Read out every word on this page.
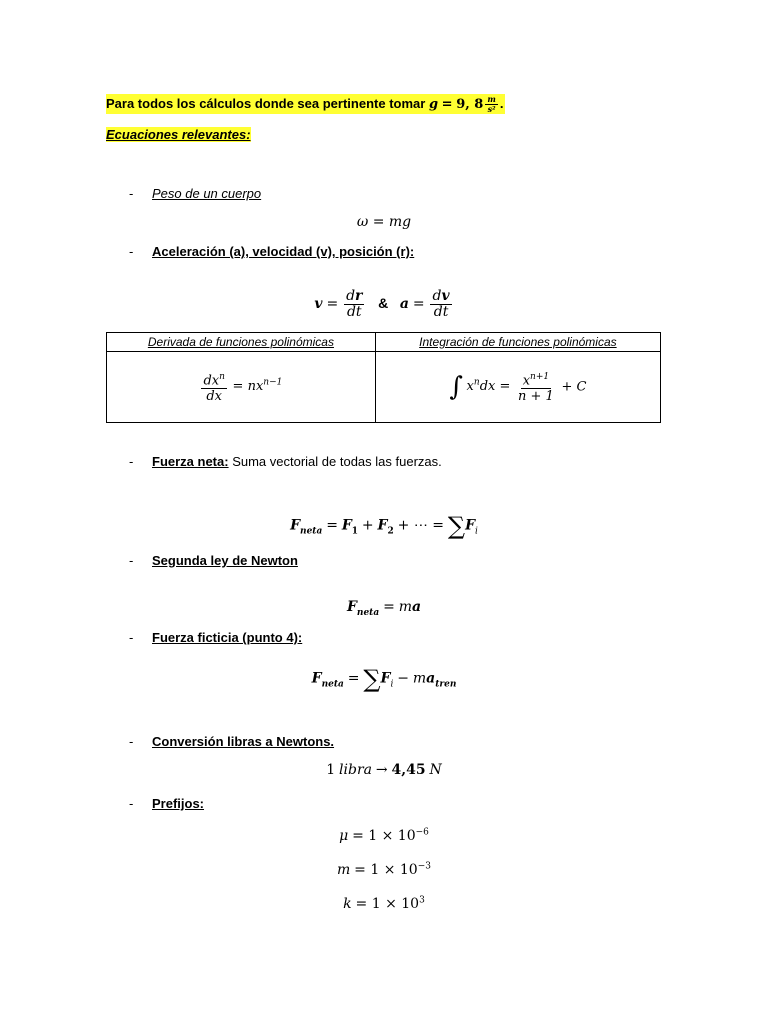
Para todos los cálculos donde sea pertinente tomar g = 9, $8 \frac{m}{\text{s²}}$ .
Ecuaciones relevantes:
- Peso de un cuerpo
ω = mg
- Aceleración (a), velocidad (v), posición (r):
$v = \frac{dr}{dt}$ & $a = \frac{dv}{dt}$
Derivada de funciones polinómicas	Integración de funciones polinómicas

$\frac{dx^n}{dx} = nx^{n-1}$	∫ $x^ndx = \frac{x^{n+1}}{n + 1} + C$
- Fuerza neta: Suma vectorial de todas las fuerzas.
$F_{neta} = F_1 + F_2$ + ⋯ = $\sum F_i$
- Segunda ley de Newton
$F_{neta}$ = ma
- Fuerza ficticia (punto 4):
$F_{neta} = \sum F_i - ma_{tren}$
- Conversión libras a Newtons.
1 libra → 4,45 N
- Prefijos:
$\mu = 1 \times 10^{-6}$
$m = 1 \times 10^{-3}$
$k = 1 \times 10^3$
